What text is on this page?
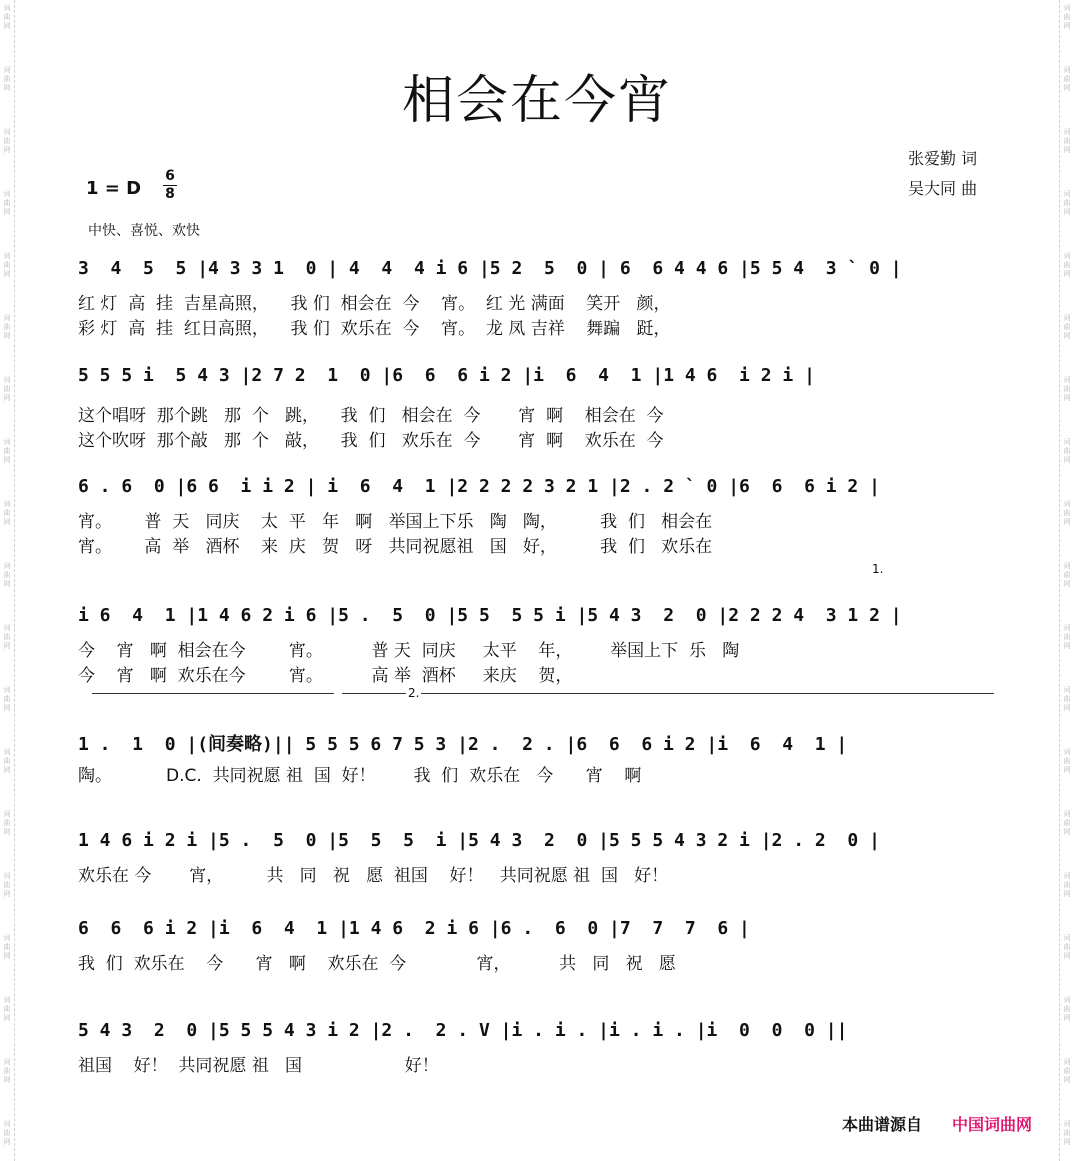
词
曲
网
词
曲
网
词
曲
网
词
曲
网
词
曲
网
词
曲
网
词
曲
网
词
曲
网
词
曲
网
词
曲
网
词
曲
网
词
曲
网
词
曲
网
词
曲
网
词
曲
网
词
曲
网
词
曲
网
词
曲
网
词
曲
网
词
曲
网
词
曲
网
词
曲
网
词
曲
网
词
曲
网
词
曲
网
词
曲
网
词
曲
网
词
曲
网
词
曲
网
词
曲
网
词
曲
网
词
曲
网
词
曲
网
词
曲
网
词
曲
网
词
曲
网
词
曲
网
词
曲
网
相会在今宵
张爱勤 词
吴大同 曲
1 = D
6
8
中快、喜悦、欢快
3  4  5  5 |4 3 3 1  0 | 4  4  4 i 6 |5 2  5  0 | 6  6 4 4 6 |5 5 4  3 ` 0 |
红 灯  高  挂  吉星高照，    我 们  相会在  今    宵。  红 光 满面    笑开   颜，
彩 灯  高  挂  红日高照，    我 们  欢乐在  今    宵。  龙 凤 吉祥    舞蹁   跹，
5 5 5 i  5 4 3 |2 7 2  1  0 |6  6  6 i 2 |i  6  4  1 |1 4 6  i 2 i |
这个唱呀  那个跳   那  个   跳，    我  们   相会在  今       宵  啊    相会在  今
这个吹呀  那个敲   那  个   敲，    我  们   欢乐在  今       宵  啊    欢乐在  今
6 . 6  0 |6 6  i i 2 | i  6  4  1 |2 2 2 2 3 2 1 |2 . 2 ` 0 |6  6  6 i 2 |
宵。      普  天   同庆    太  平   年   啊   举国上下乐   陶   陶，        我  们   相会在
宵。      高  举   酒杯    来  庆   贺   呀   共同祝愿祖   国   好，        我  们   欢乐在
1.
i 6  4  1 |1 4 6 2 i 6 |5 .  5  0 |5 5  5 5 i |5 4 3  2  0 |2 2 2 4  3 1 2 |
今    宵   啊  相会在今        宵。         普 天  同庆     太平    年，       举国上下  乐   陶
今    宵   啊  欢乐在今        宵。         高 举  酒杯     来庆    贺，
2.
1 .  1  0 |(间奏略)|| 5 5 5 6 7 5 3 |2 .  2 . |6  6  6 i 2 |i  6  4  1 |
陶。          D.C.  共同祝愿 祖  国  好！       我  们  欢乐在   今      宵    啊
1 4 6 i 2 i |5 .  5  0 |5  5  5  i |5 4 3  2  0 |5 5 5 4 3 2 i |2 . 2  0 |
欢乐在 今       宵，        共   同   祝   愿  祖国    好！   共同祝愿 祖  国   好！
6  6  6 i 2 |i  6  4  1 |1 4 6  2 i 6 |6 .  6  0 |7  7  7  6 |
我  们  欢乐在    今      宵   啊    欢乐在  今             宵，         共   同   祝   愿
5 4 3  2  0 |5 5 5 4 3 i 2 |2 .  2 . V |i . i . |i . i . |i  0  0  0 ||
祖国    好！  共同祝愿 祖   国                   好！
本曲谱源自 中国词曲网
